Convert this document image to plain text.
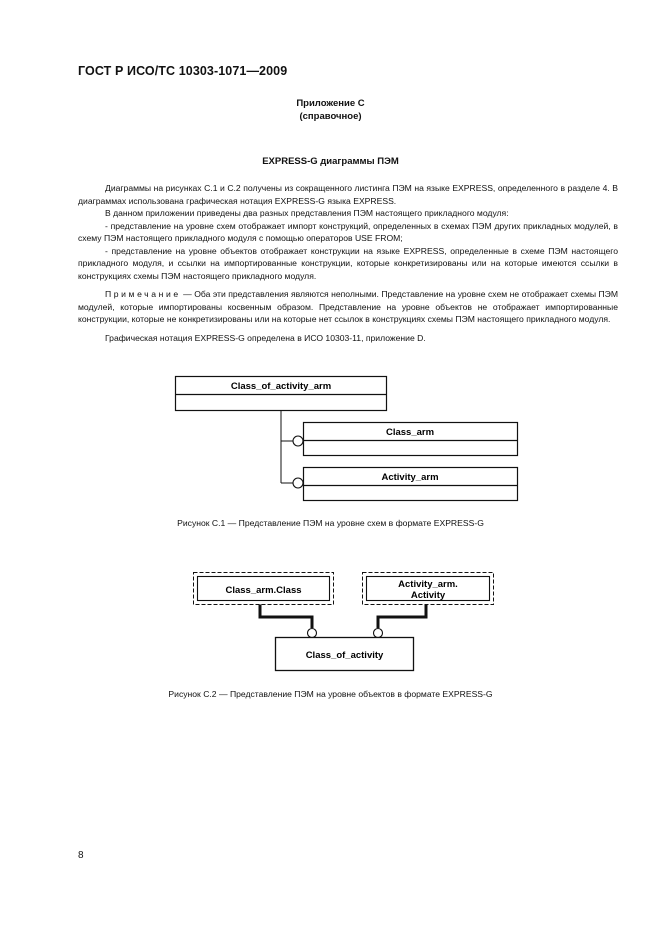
ГОСТ Р ИСО/ТС 10303-1071—2009
Приложение С
(справочное)
EXPRESS-G диаграммы ПЭМ

Диаграммы на рисунках С.1 и С.2 получены из сокращенного листинга ПЭМ на языке EXPRESS, определенного в разделе 4. В диаграммах использована графическая нотация EXPRESS-G языка EXPRESS.

В данном приложении приведены два разных представления ПЭМ настоящего прикладного модуля:

- представление на уровне схем отображает импорт конструкций, определенных в схемах ПЭМ других прикладных модулей, в схему ПЭМ настоящего прикладного модуля с помощью операторов USE FROM;

- представление на уровне объектов отображает конструкции на языке EXPRESS, определенные в схеме ПЭМ настоящего прикладного модуля, и ссылки на импортированные конструкции, которые конкретизированы или на которые имеются ссылки в конструкциях схемы ПЭМ настоящего прикладного модуля.

Примечание — Оба эти представления являются неполными. Представление на уровне схем не отображает схемы ПЭМ модулей, которые импортированы косвенным образом. Представление на уровне объектов не отображает импортированные конструкции, которые не конкретизированы или на которые нет ссылок в конструкциях схемы ПЭМ настоящего прикладного модуля.

Графическая нотация EXPRESS-G определена в ИСО 10303-11, приложение D.

Class_of_activity_arm
Class_arm
Activity_arm
Рисунок С.1 — Представление ПЭМ на уровне схем в формате EXPRESS-G
Class_arm.Class
Activity_arm.
Activity
Class_of_activity
Рисунок С.2 — Представление ПЭМ на уровне объектов в формате EXPRESS-G
8
